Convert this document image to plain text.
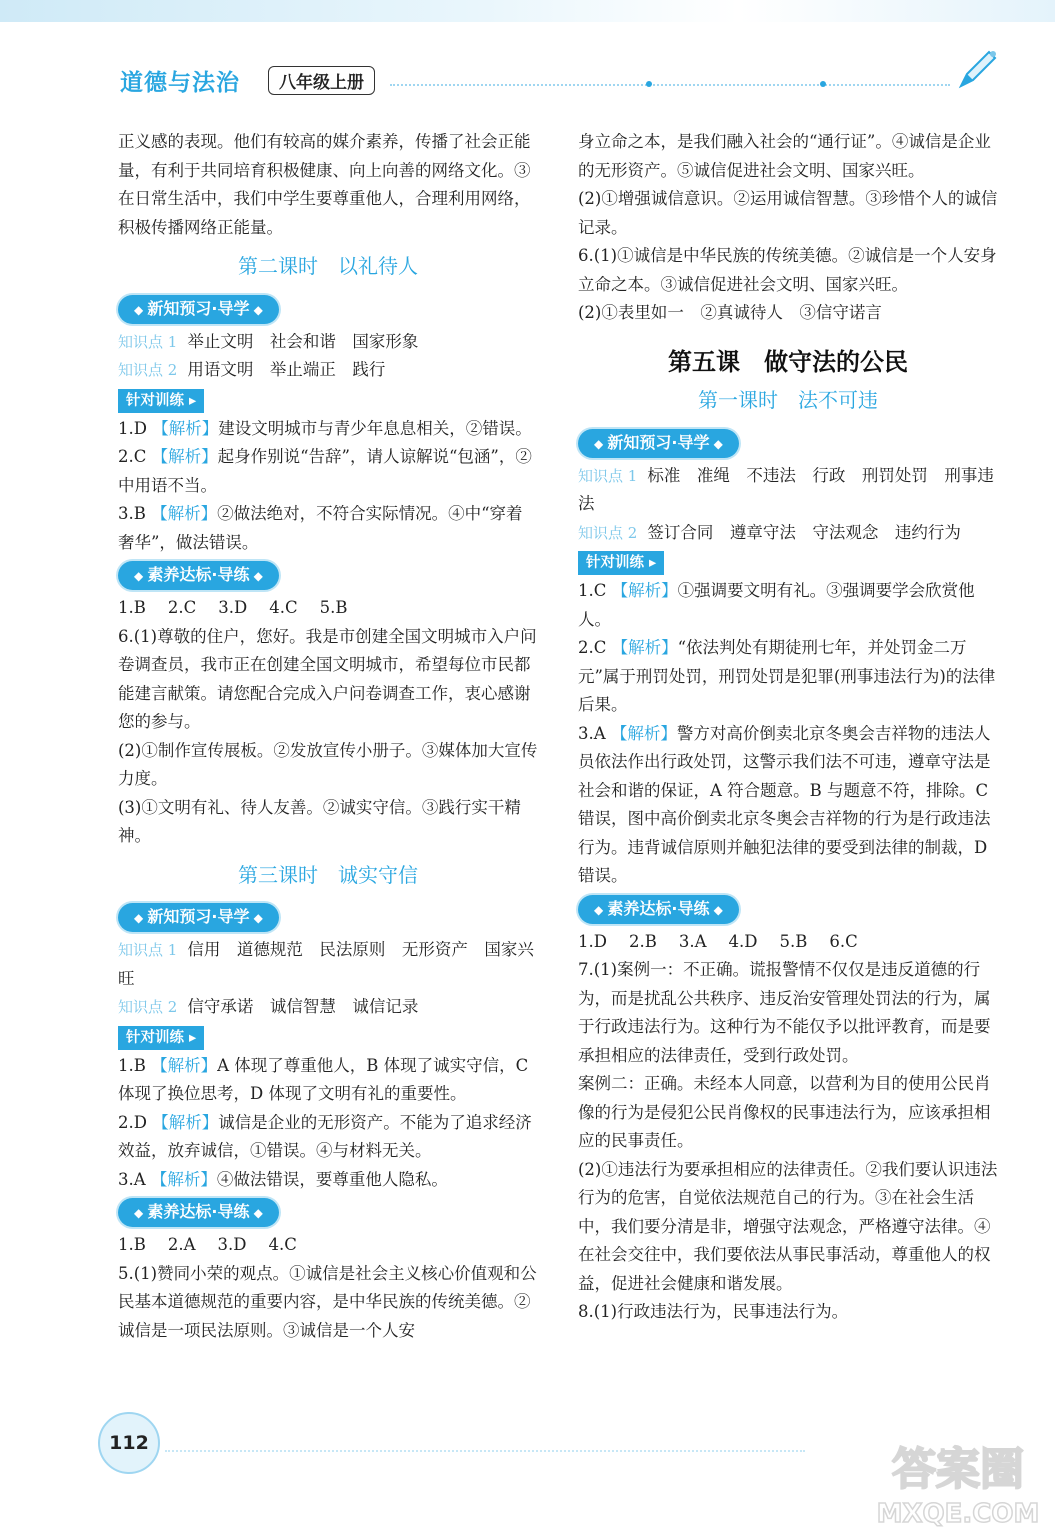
道德与法治	八年级上册

正义感的表现。他们有较高的媒介素养，传播了社会正能量，有利于共同培育积极健康、向上向善的网络文化。③在日常生活中，我们中学生要尊重他人，合理利用网络，积极传播网络正能量。

第二课时　以礼待人
◆ 新知预习·导学 ◆

知识点 1 举止文明　社会和谐　国家形象

知识点 2 用语文明　举止端正　践行

针对训练 ▸

1.D 【解析】建设文明城市与青少年息息相关，②错误。

2.C 【解析】起身作别说“告辞”，请人谅解说“包涵”，②中用语不当。

3.B 【解析】②做法绝对，不符合实际情况。④中“穿着奢华”，做法错误。

◆ 素养达标·导练 ◆

1.B 2.C 3.D 4.C 5.B

6.(1)尊敬的住户，您好。我是市创建全国文明城市入户问卷调查员，我市正在创建全国文明城市，希望每位市民都能建言献策。请您配合完成入户问卷调查工作，衷心感谢您的参与。

(2)①制作宣传展板。②发放宣传小册子。③媒体加大宣传力度。

(3)①文明有礼、待人友善。②诚实守信。③践行实干精神。

第三课时　诚实守信
◆ 新知预习·导学 ◆

知识点 1 信用　道德规范　民法原则　无形资产　国家兴旺

知识点 2 信守承诺　诚信智慧　诚信记录

针对训练 ▸

1.B 【解析】A 体现了尊重他人，B 体现了诚实守信，C 体现了换位思考，D 体现了文明有礼的重要性。

2.D 【解析】诚信是企业的无形资产。不能为了追求经济效益，放弃诚信，①错误。④与材料无关。

3.A 【解析】④做法错误，要尊重他人隐私。

◆ 素养达标·导练 ◆

1.B 2.A 3.D 4.C

5.(1)赞同小荣的观点。①诚信是社会主义核心价值观和公民基本道德规范的重要内容，是中华民族的传统美德。②诚信是一项民法原则。③诚信是一个人安

身立命之本，是我们融入社会的“通行证”。④诚信是企业的无形资产。⑤诚信促进社会文明、国家兴旺。

(2)①增强诚信意识。②运用诚信智慧。③珍惜个人的诚信记录。

6.(1)①诚信是中华民族的传统美德。②诚信是一个人安身立命之本。③诚信促进社会文明、国家兴旺。

(2)①表里如一　②真诚待人　③信守诺言

第五课　做守法的公民
第一课时　法不可违
◆ 新知预习·导学 ◆

知识点 1 标准　准绳　不违法　行政　刑罚处罚　刑事违法

知识点 2 签订合同　遵章守法　守法观念　违约行为

针对训练 ▸

1.C 【解析】①强调要文明有礼。③强调要学会欣赏他人。

2.C 【解析】“依法判处有期徒刑七年，并处罚金二万元”属于刑罚处罚，刑罚处罚是犯罪(刑事违法行为)的法律后果。

3.A 【解析】警方对高价倒卖北京冬奥会吉祥物的违法人员依法作出行政处罚，这警示我们法不可违，遵章守法是社会和谐的保证，A 符合题意。B 与题意不符，排除。C 错误，图中高价倒卖北京冬奥会吉祥物的行为是行政违法行为。违背诚信原则并触犯法律的要受到法律的制裁，D 错误。

◆ 素养达标·导练 ◆

1.D 2.B 3.A 4.D 5.B 6.C

7.(1)案例一：不正确。谎报警情不仅仅是违反道德的行为，而是扰乱公共秩序、违反治安管理处罚法的行为，属于行政违法行为。这种行为不能仅予以批评教育，而是要承担相应的法律责任，受到行政处罚。

案例二：正确。未经本人同意，以营利为目的使用公民肖像的行为是侵犯公民肖像权的民事违法行为，应该承担相应的民事责任。

(2)①违法行为要承担相应的法律责任。②我们要认识违法行为的危害，自觉依法规范自己的行为。③在社会生活中，我们要分清是非，增强守法观念，严格遵守法律。④在社会交往中，我们要依法从事民事活动，尊重他人的权益，促进社会健康和谐发展。

8.(1)行政违法行为，民事违法行为。

112
答案圈
MXQE.COM
